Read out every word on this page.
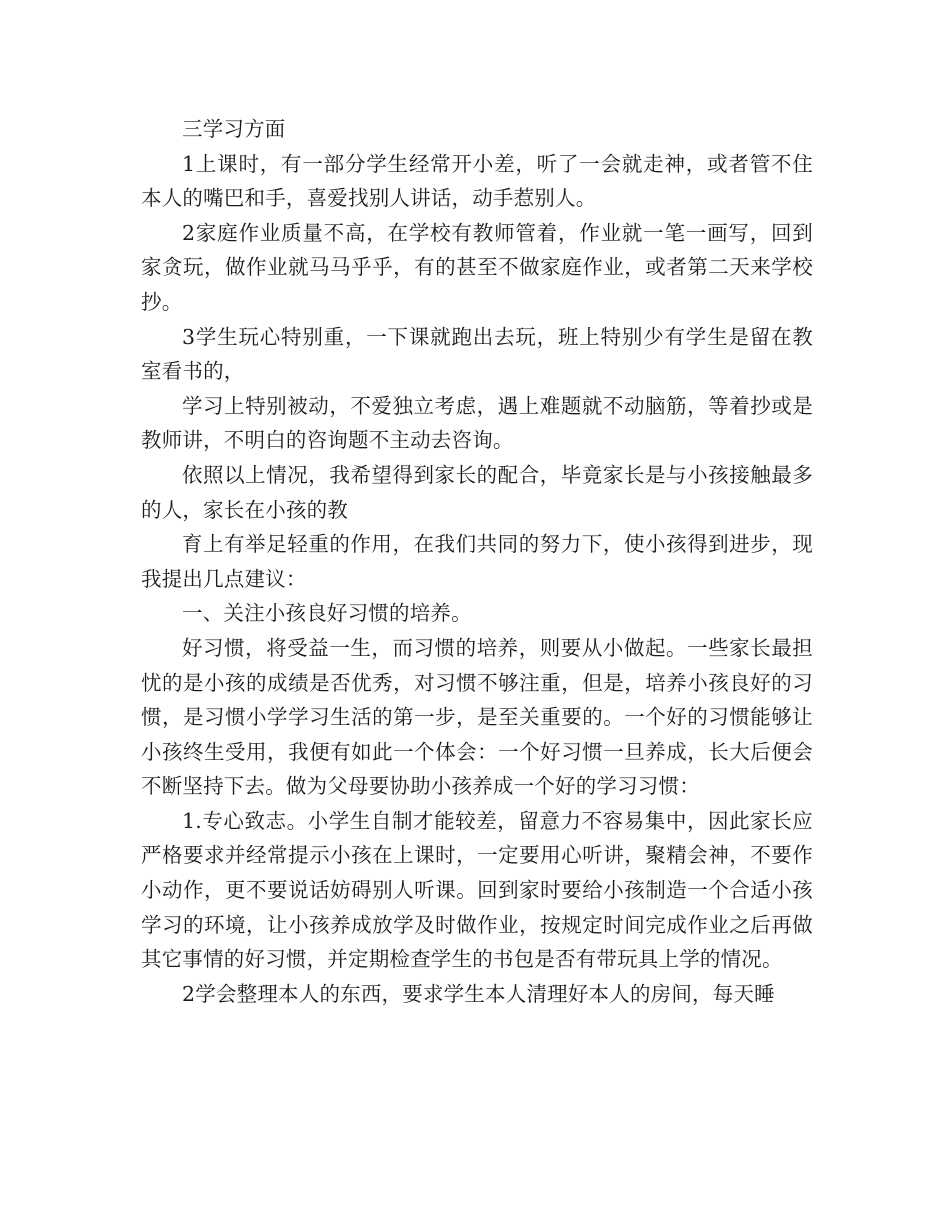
三学习方面

1上课时，有一部分学生经常开小差，听了一会就走神，或者管不住本人的嘴巴和手，喜爱找别人讲话，动手惹别人。

2家庭作业质量不高，在学校有教师管着，作业就一笔一画写，回到家贪玩，做作业就马马乎乎，有的甚至不做家庭作业，或者第二天来学校抄。

3学生玩心特别重，一下课就跑出去玩，班上特别少有学生是留在教室看书的，

学习上特别被动，不爱独立考虑，遇上难题就不动脑筋，等着抄或是教师讲，不明白的咨询题不主动去咨询。

依照以上情况，我希望得到家长的配合，毕竟家长是与小孩接触最多的人，家长在小孩的教

育上有举足轻重的作用，在我们共同的努力下，使小孩得到进步，现我提出几点建议：

一、关注小孩良好习惯的培养。

好习惯，将受益一生，而习惯的培养，则要从小做起。一些家长最担忧的是小孩的成绩是否优秀，对习惯不够注重，但是，培养小孩良好的习惯，是习惯小学学习生活的第一步，是至关重要的。一个好的习惯能够让小孩终生受用，我便有如此一个体会：一个好习惯一旦养成，长大后便会不断坚持下去。做为父母要协助小孩养成一个好的学习习惯：

1.专心致志。小学生自制才能较差，留意力不容易集中，因此家长应严格要求并经常提示小孩在上课时，一定要用心听讲，聚精会神，不要作小动作，更不要说话妨碍别人听课。回到家时要给小孩制造一个合适小孩学习的环境，让小孩养成放学及时做作业，按规定时间完成作业之后再做其它事情的好习惯，并定期检查学生的书包是否有带玩具上学的情况。

2学会整理本人的东西，要求学生本人清理好本人的房间，每天睡
